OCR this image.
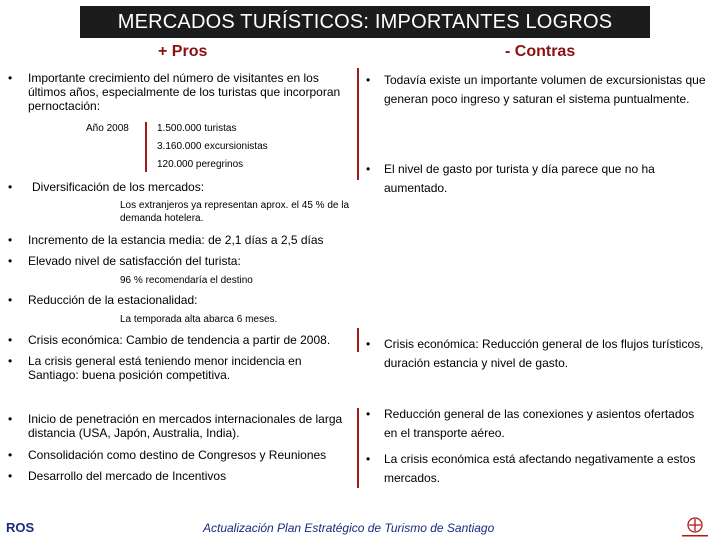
MERCADOS TURÍSTICOS: IMPORTANTES LOGROS
+ Pros	- Contras
• Importante crecimiento del número de visitantes en los últimos años, especialmente de los turistas que incorporan pernoctación:
Año 2008	1.500.000 turistas
3.160.000 excursionistas
120.000 peregrinos
• Diversificación de los mercados:
Los extranjeros ya representan aprox. el 45 % de la demanda hotelera.
• Incremento de la estancia media: de 2,1 días a 2,5 días
• Elevado nivel de satisfacción del turista:
96 % recomendaría el destino
• Reducción de la estacionalidad:
La temporada alta abarca 6 meses.
• Crisis económica: Cambio de tendencia a partir de 2008.
• La crisis general está teniendo menor incidencia en Santiago: buena posición competitiva.
• Inicio de penetración en mercados internacionales de larga distancia (USA, Japón, Australia, India).
• Consolidación como destino de Congresos y Reuniones
• Desarrollo del mercado de Incentivos
• Todavía existe un importante volumen de excursionistas que generan poco ingreso y saturan el sistema puntualmente.
• El nivel de gasto por turista y día parece que no ha aumentado.
• Crisis económica: Reducción general de los flujos turísticos, duración estancia y nivel de gasto.
• Reducción general de las conexiones y asientos ofertados en el transporte aéreo.
• La crisis económica está afectando negativamente a estos mercados.
ROS	Actualización Plan Estratégico de Turismo de Santiago
